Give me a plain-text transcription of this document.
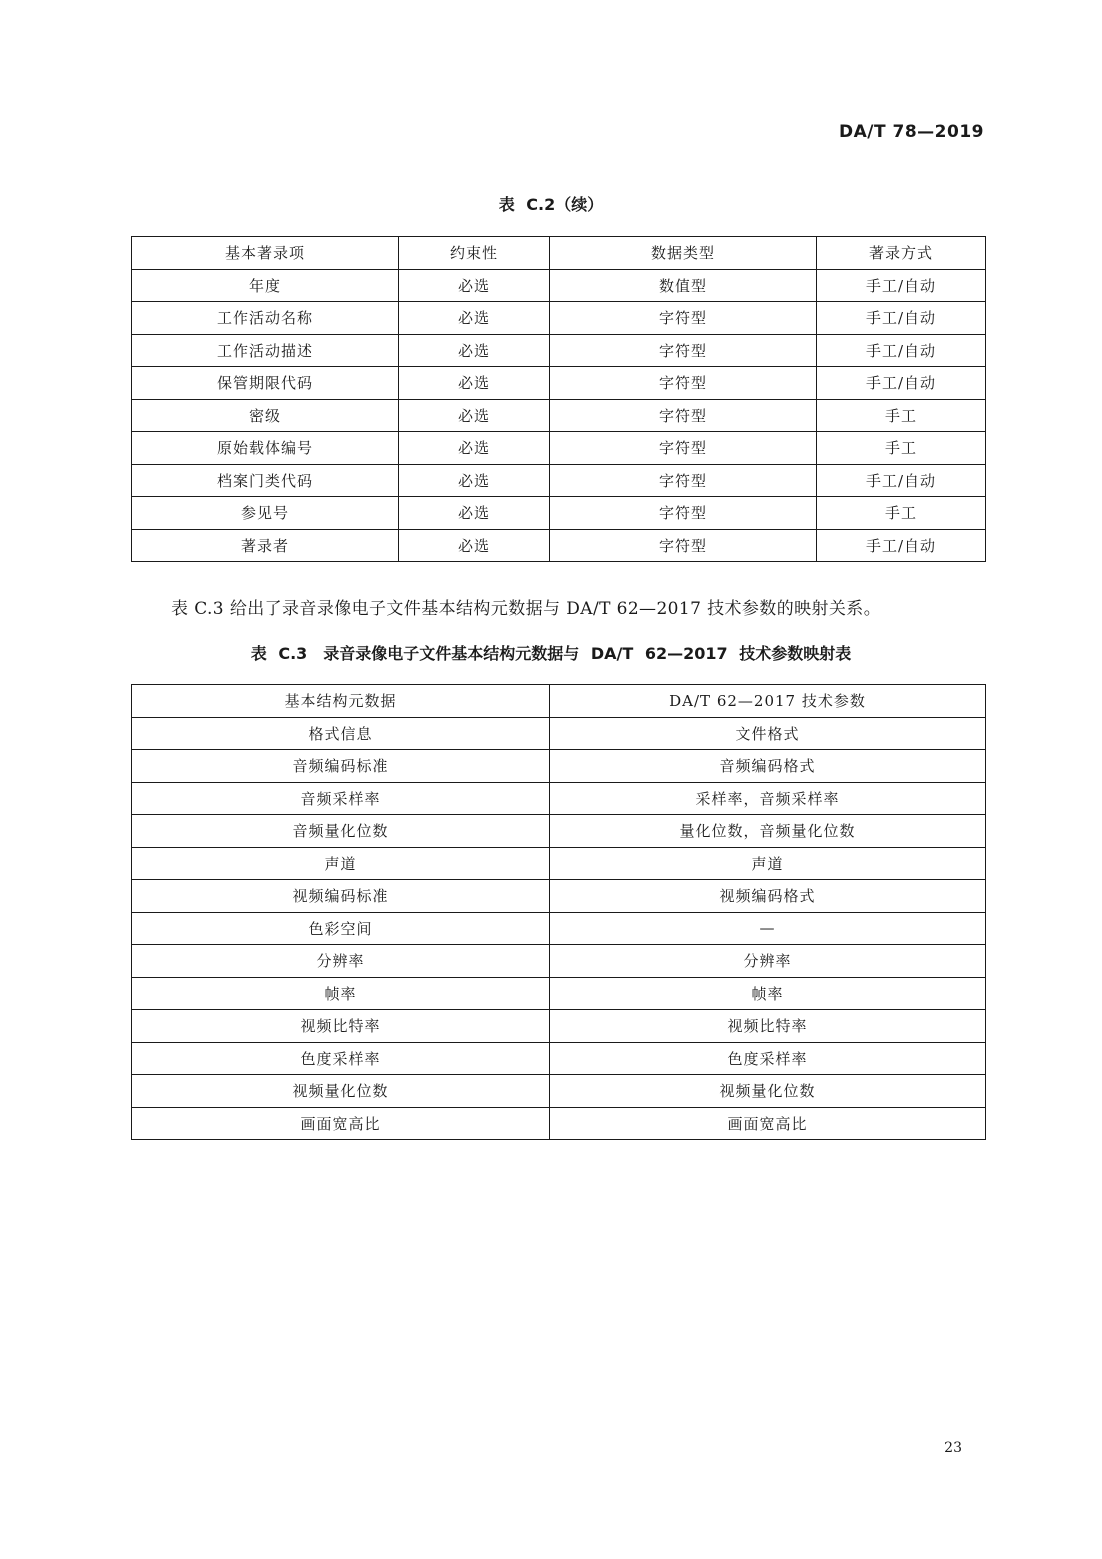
DA/T 78—2019
表 C.2（续）
基本著录项	约束性	数据类型	著录方式
年度	必选	数值型	手工/自动
工作活动名称	必选	字符型	手工/自动
工作活动描述	必选	字符型	手工/自动
保管期限代码	必选	字符型	手工/自动
密级	必选	字符型	手工
原始载体编号	必选	字符型	手工
档案门类代码	必选	字符型	手工/自动
参见号	必选	字符型	手工
著录者	必选	字符型	手工/自动
表 C.3 给出了录音录像电子文件基本结构元数据与 DA/T 62—2017 技术参数的映射关系。
表 C.3　录音录像电子文件基本结构元数据与 DA/T 62—2017 技术参数映射表
基本结构元数据	DA/T 62—2017 技术参数
格式信息	文件格式
音频编码标准	音频编码格式
音频采样率	采样率，音频采样率
音频量化位数	量化位数，音频量化位数
声道	声道
视频编码标准	视频编码格式
色彩空间	—
分辨率	分辨率
帧率	帧率
视频比特率	视频比特率
色度采样率	色度采样率
视频量化位数	视频量化位数
画面宽高比	画面宽高比
23
